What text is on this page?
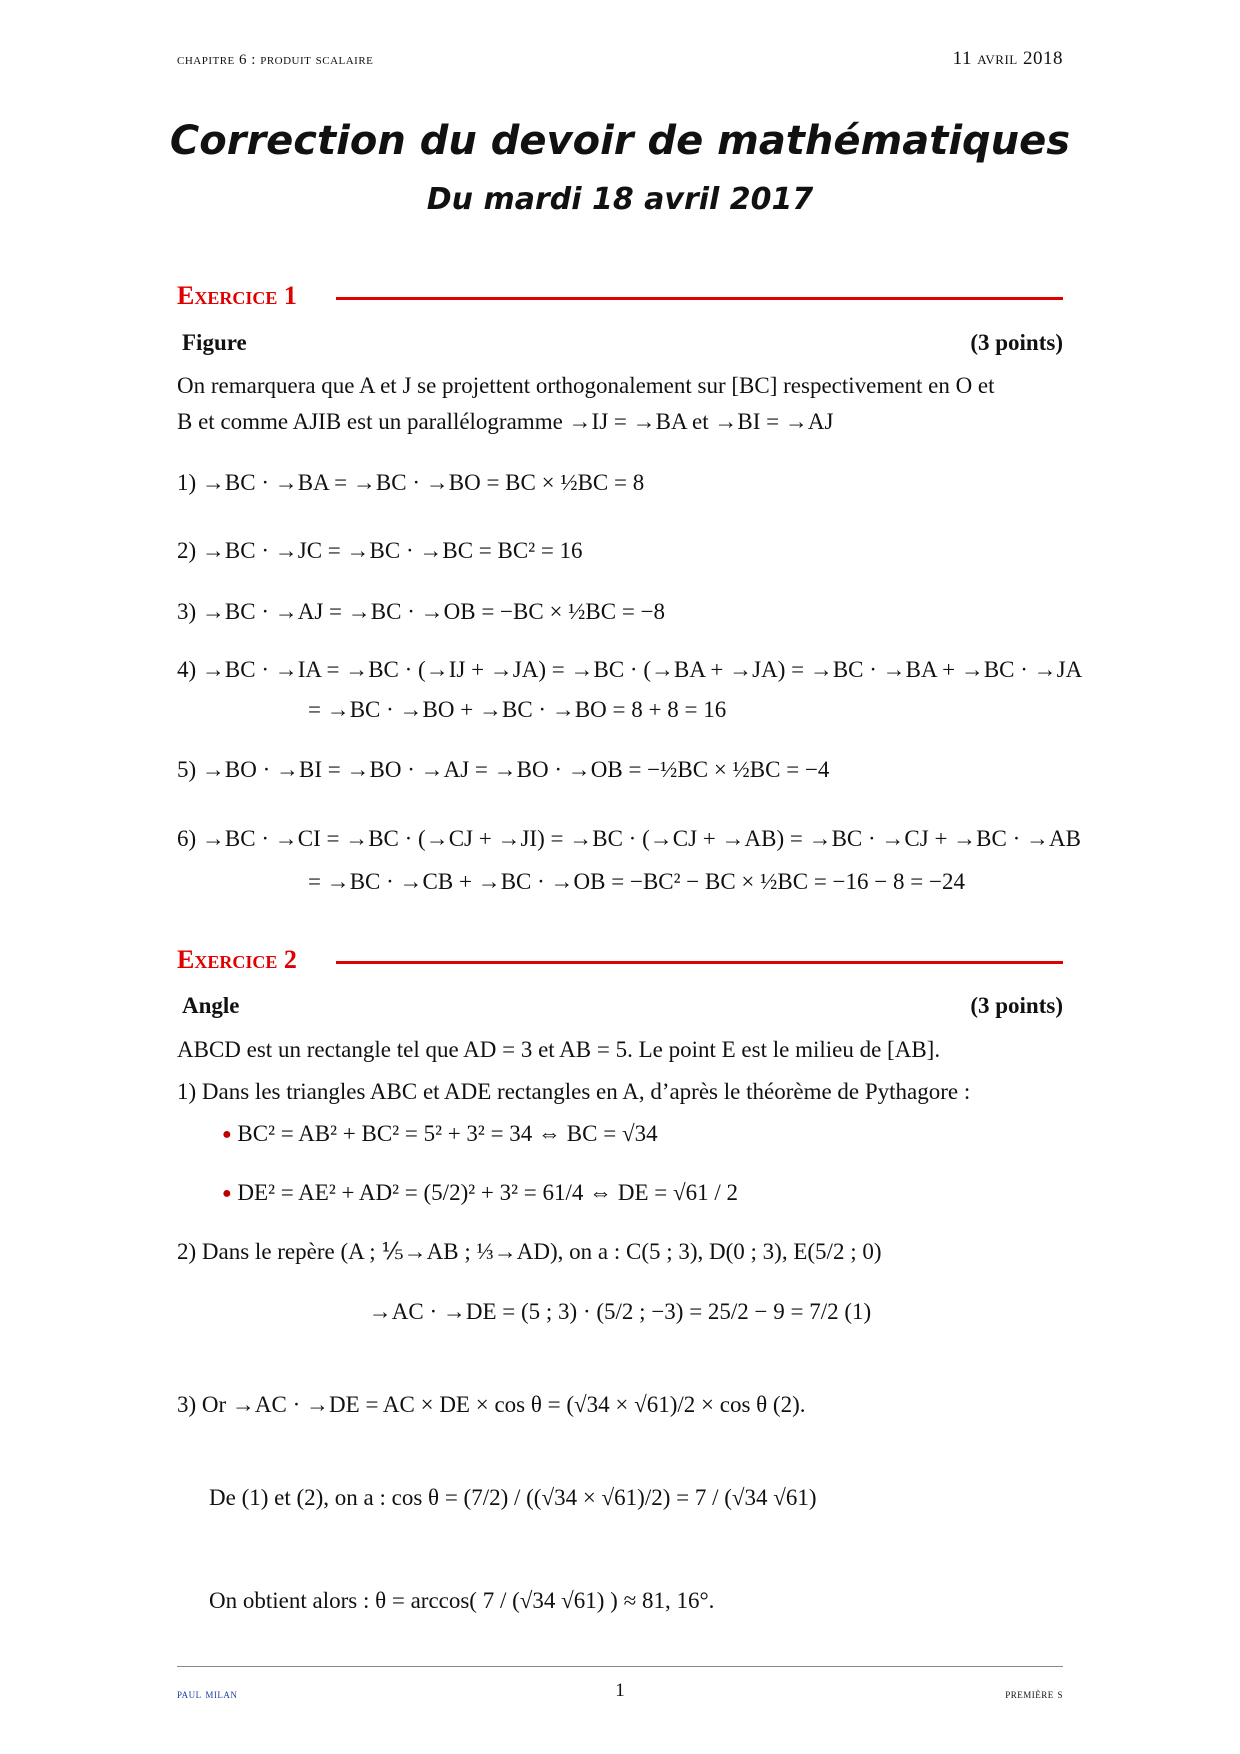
chapitre 6 : produit scalaire	11 avril 2018
Correction du devoir de mathématiques
Du mardi 18 avril 2017
Exercice 1
Figure	(3 points)
On remarquera que A et J se projettent orthogonalement sur [BC] respectivement en O et
B et comme AJIB est un parallélogramme →IJ = →BA et →BI = →AJ
1) →BC · →BA = →BC · →BO = BC × ½BC = 8
2) →BC · →JC = →BC · →BC = BC² = 16
3) →BC · →AJ = →BC · →OB = −BC × ½BC = −8
4) →BC · →IA = →BC · (→IJ + →JA) = →BC · (→BA + →JA) = →BC · →BA + →BC · →JA
= →BC · →BO + →BC · →BO = 8 + 8 = 16
5) →BO · →BI = →BO · →AJ = →BO · →OB = −½BC × ½BC = −4
6) →BC · →CI = →BC · (→CJ + →JI) = →BC · (→CJ + →AB) = →BC · →CJ + →BC · →AB
= →BC · →CB + →BC · →OB = −BC² − BC × ½BC = −16 − 8 = −24
Exercice 2
Angle	(3 points)
ABCD est un rectangle tel que AD = 3 et AB = 5. Le point E est le milieu de [AB].
1) Dans les triangles ABC et ADE rectangles en A, d’après le théorème de Pythagore :
● BC² = AB² + BC² = 5² + 3² = 34 ⇔ BC = √34
● DE² = AE² + AD² = (5/2)² + 3² = 61/4 ⇔ DE = √61 / 2
2) Dans le repère (A ; ⅕→AB ; ⅓→AD), on a : C(5 ; 3), D(0 ; 3), E(5/2 ; 0)
→AC · →DE = (5 ; 3) · (5/2 ; −3) = 25/2 − 9 = 7/2 (1)
3) Or →AC · →DE = AC × DE × cos θ = (√34 × √61)/2 × cos θ (2).
De (1) et (2), on a : cos θ = (7/2) / ((√34 × √61)/2) = 7 / (√34 √61)
On obtient alors : θ = arccos( 7 / (√34 √61) ) ≈ 81, 16°.
paul milan	1	première s
